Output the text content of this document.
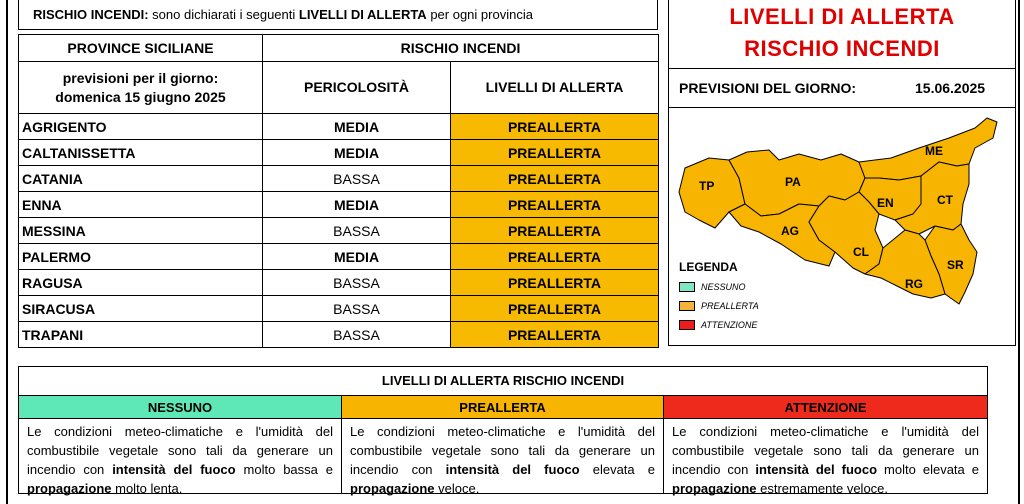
RISCHIO INCENDI: sono dichiarati i seguenti LIVELLI DI ALLERTA per ogni provincia
PROVINCE SICILIANE	RISCHIO INCENDI	

previsioni per il giorno:
domenica 15 giugno 2025	PERICOLOSITÀ	LIVELLI DI ALLERTA
AGRIGENTO	MEDIA	PREALLERTA
CALTANISSETTA	MEDIA	PREALLERTA
CATANIA	BASSA	PREALLERTA
ENNA	MEDIA	PREALLERTA
MESSINA	BASSA	PREALLERTA
PALERMO	MEDIA	PREALLERTA
RAGUSA	BASSA	PREALLERTA
SIRACUSA	BASSA	PREALLERTA
TRAPANI	BASSA	PREALLERTA
LIVELLI DI ALLERTA
RISCHIO INCENDI
PREVISIONI DEL GIORNO:	15.06.2025
TP	PA
ME
AG
EN	CT
CL
SR
RG
LEGENDA
NESSUNO
PREALLERTA
ATTENZIONE
LIVELLI DI ALLERTA RISCHIO INCENDI
NESSUNO
Le condizioni meteo-climatiche e l'umidità del combustibile vegetale sono tali da generare un incendio con intensità del fuoco molto bassa e propagazione molto lenta.
PREALLERTA
Le condizioni meteo-climatiche e l'umidità del combustibile vegetale sono tali da generare un incendio con intensità del fuoco elevata e propagazione veloce.
ATTENZIONE
Le condizioni meteo-climatiche e l'umidità del combustibile vegetale sono tali da generare un incendio con intensità del fuoco molto elevata e propagazione estremamente veloce.
